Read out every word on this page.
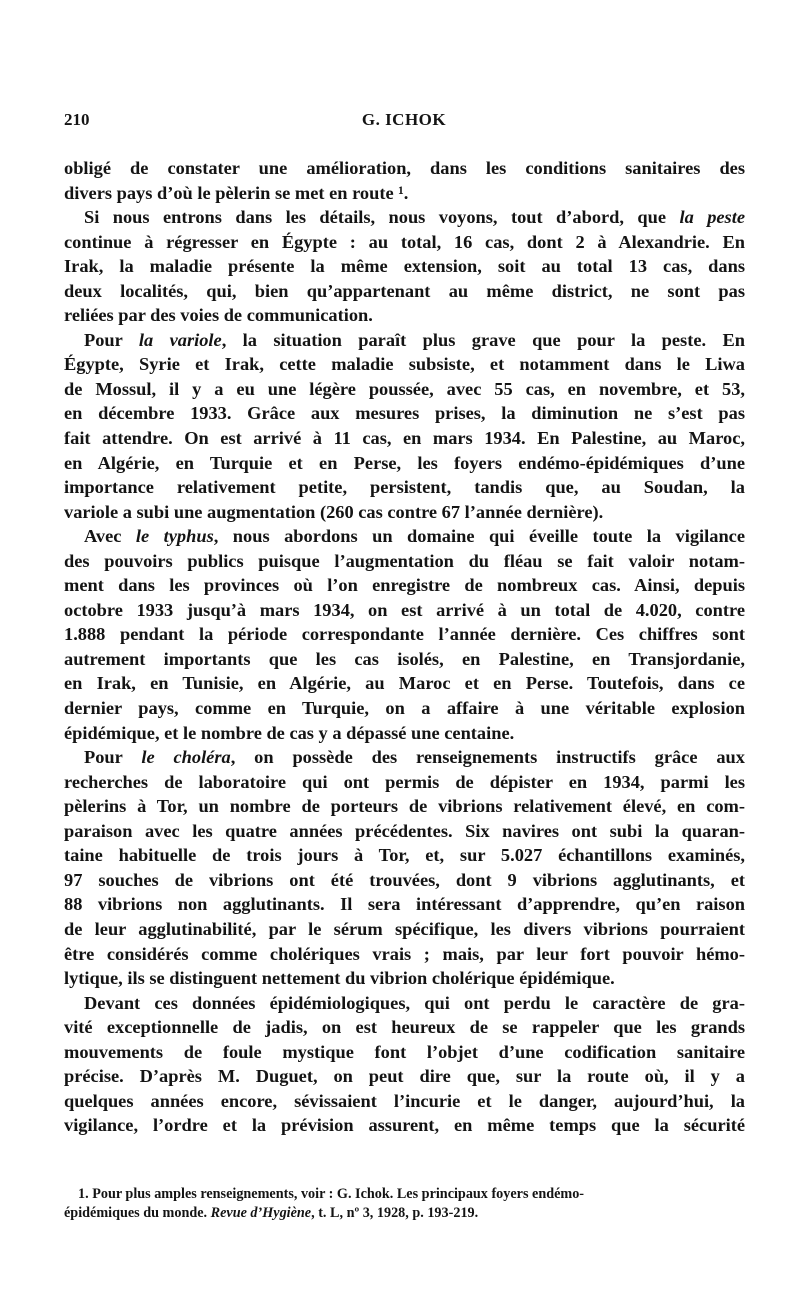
210	G. ICHOK
obligé de constater une amélioration, dans les conditions sanitaires des
divers pays d’où le pèlerin se met en route ¹.
Si nous entrons dans les détails, nous voyons, tout d’abord, que la peste
continue à régresser en Égypte : au total, 16 cas, dont 2 à Alexandrie. En
Irak, la maladie présente la même extension, soit au total 13 cas, dans
deux localités, qui, bien qu’appartenant au même district, ne sont pas
reliées par des voies de communication.
Pour la variole, la situation paraît plus grave que pour la peste. En
Égypte, Syrie et Irak, cette maladie subsiste, et notamment dans le Liwa
de Mossul, il y a eu une légère poussée, avec 55 cas, en novembre, et 53,
en décembre 1933. Grâce aux mesures prises, la diminution ne s’est pas
fait attendre. On est arrivé à 11 cas, en mars 1934. En Palestine, au Maroc,
en Algérie, en Turquie et en Perse, les foyers endémo-épidémiques d’une
importance relativement petite, persistent, tandis que, au Soudan, la
variole a subi une augmentation (260 cas contre 67 l’année dernière).
Avec le typhus, nous abordons un domaine qui éveille toute la vigilance
des pouvoirs publics puisque l’augmentation du fléau se fait valoir notam-
ment dans les provinces où l’on enregistre de nombreux cas. Ainsi, depuis
octobre 1933 jusqu’à mars 1934, on est arrivé à un total de 4.020, contre
1.888 pendant la période correspondante l’année dernière. Ces chiffres sont
autrement importants que les cas isolés, en Palestine, en Transjordanie,
en Irak, en Tunisie, en Algérie, au Maroc et en Perse. Toutefois, dans ce
dernier pays, comme en Turquie, on a affaire à une véritable explosion
épidémique, et le nombre de cas y a dépassé une centaine.
Pour le choléra, on possède des renseignements instructifs grâce aux
recherches de laboratoire qui ont permis de dépister en 1934, parmi les
pèlerins à Tor, un nombre de porteurs de vibrions relativement élevé, en com-
paraison avec les quatre années précédentes. Six navires ont subi la quaran-
taine habituelle de trois jours à Tor, et, sur 5.027 échantillons examinés,
97 souches de vibrions ont été trouvées, dont 9 vibrions agglutinants, et
88 vibrions non agglutinants. Il sera intéressant d’apprendre, qu’en raison
de leur agglutinabilité, par le sérum spécifique, les divers vibrions pourraient
être considérés comme cholériques vrais ; mais, par leur fort pouvoir hémo-
lytique, ils se distinguent nettement du vibrion cholérique épidémique.
Devant ces données épidémiologiques, qui ont perdu le caractère de gra-
vité exceptionnelle de jadis, on est heureux de se rappeler que les grands
mouvements de foule mystique font l’objet d’une codification sanitaire
précise. D’après M. Duguet, on peut dire que, sur la route où, il y a
quelques années encore, sévissaient l’incurie et le danger, aujourd’hui, la
vigilance, l’ordre et la prévision assurent, en même temps que la sécurité
1. Pour plus amples renseignements, voir : G. Ichok. Les principaux foyers endémo-
épidémiques du monde. Revue d’Hygiène, t. L, nº 3, 1928, p. 193-219.
